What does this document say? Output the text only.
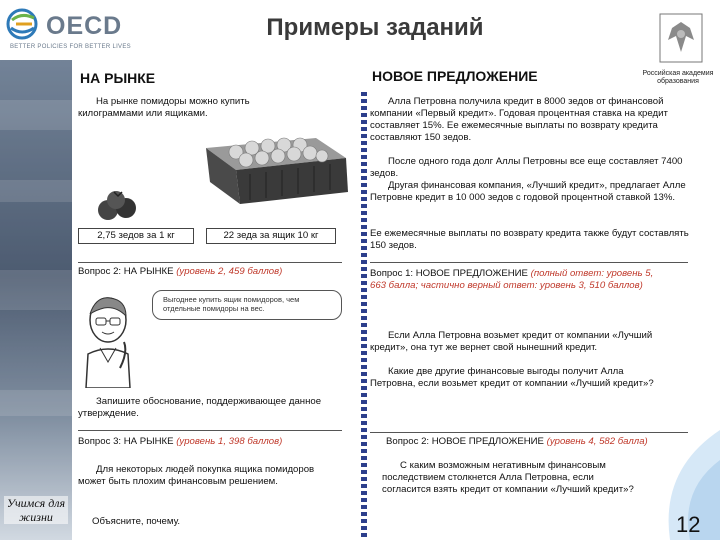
Учимся для жизни
OECD
BETTER POLICIES FOR BETTER LIVES
Примеры заданий
Российская академия образования
НА РЫНКЕ
На рынке помидоры можно купить килограммами или ящиками.
2,75 зедов за 1 кг	22 зеда за ящик 10 кг
Вопрос 2: НА РЫНКЕ (уровень 2, 459 баллов)
Выгоднее купить ящик помидоров, чем отдельные помидоры на вес.
Запишите обоснование, поддерживающее данное утверждение.
Вопрос 3: НА РЫНКЕ (уровень 1, 398 баллов)
Для некоторых людей покупка ящика помидоров может быть плохим финансовым решением.
Объясните, почему.
НОВОЕ ПРЕДЛОЖЕНИЕ
Алла Петровна получила кредит в 8000 зедов от финансовой компании «Первый кредит». Годовая процентная ставка на кредит составляет 15%. Ее ежемесячные выплаты по возврату кредита составляют 150 зедов.
После одного года долг Аллы Петровны все еще составляет 7400 зедов.
Другая финансовая компания, «Лучший кредит», предлагает Алле Петровне кредит в 10 000 зедов с годовой процентной ставкой 13%.
Ее ежемесячные выплаты по возврату кредита также будут составлять 150 зедов.
Вопрос 1: НОВОЕ ПРЕДЛОЖЕНИЕ (полный ответ: уровень 5, 663 балла; частично верный ответ: уровень 3, 510 баллов)
Если Алла Петровна возьмет кредит от компании «Лучший кредит», она тут же вернет свой нынешний кредит.
Какие две другие финансовые выгоды получит Алла Петровна, если возьмет кредит от компании «Лучший кредит»?
Вопрос 2: НОВОЕ ПРЕДЛОЖЕНИЕ (уровень 4, 582 балла)
С каким возможным негативным финансовым последствием столкнется Алла Петровна, если согласится взять кредит от компании «Лучший кредит»?
12
